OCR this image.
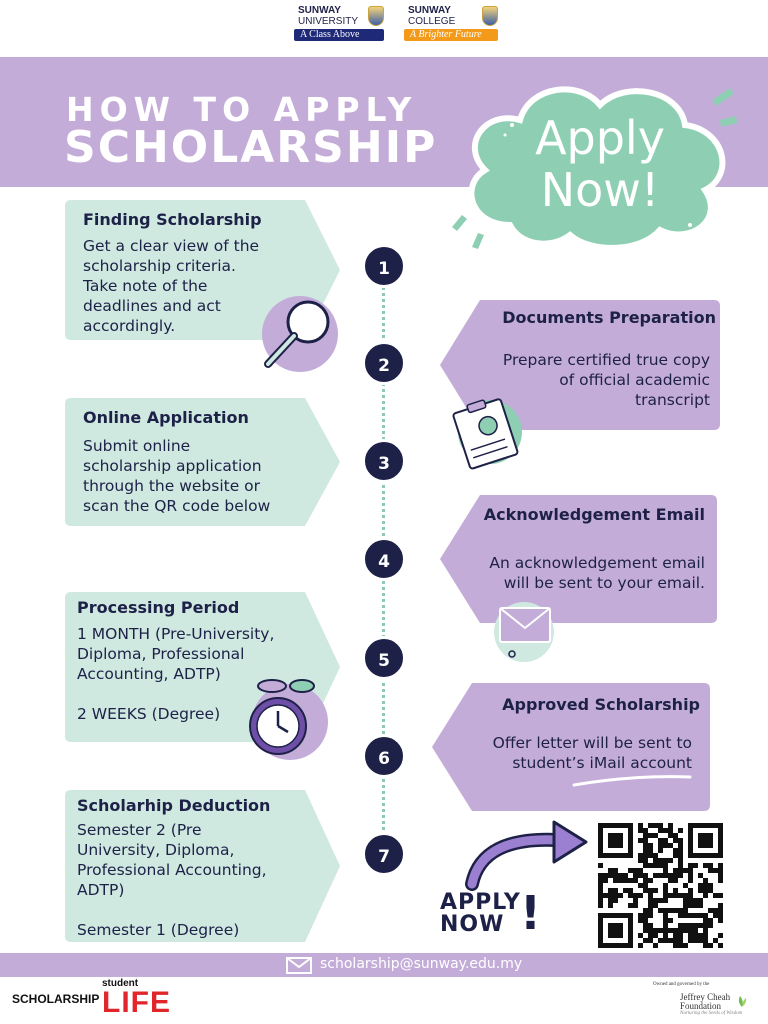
SUNWAY
UNIVERSITY
A Class Above
SUNWAY
COLLEGE
A Brighter Future
HOW TO APPLY
SCHOLARSHIP	Apply
Now!
Finding Scholarship
Get a clear view of the
scholarship criteria.
Take note of the
deadlines and act
accordingly.
1
Documents Preparation
Prepare certified true copy
of official academic
transcript
2
Online Application
Submit online
scholarship application
through the website or
scan the QR code below
3
Acknowledgement Email
An acknowledgement email
will be sent to your email.
4
Processing Period
1 MONTH (Pre-University,
Diploma, Professional
Accounting, ADTP)

2 WEEKS (Degree)
5
Approved Scholarship
Offer letter will be sent to
student’s iMail account
6
Scholarhip Deduction
Semester 2 (Pre
University, Diploma,
Professional Accounting,
ADTP)

Semester 1 (Degree)
7
APPLY
NOW !
scholarship@sunway.edu.my
SCHOLARSHIP
student
LIFE
Owned and governed by the
Jeffrey Cheah
Foundation
Nurturing the Seeds of Wisdom
